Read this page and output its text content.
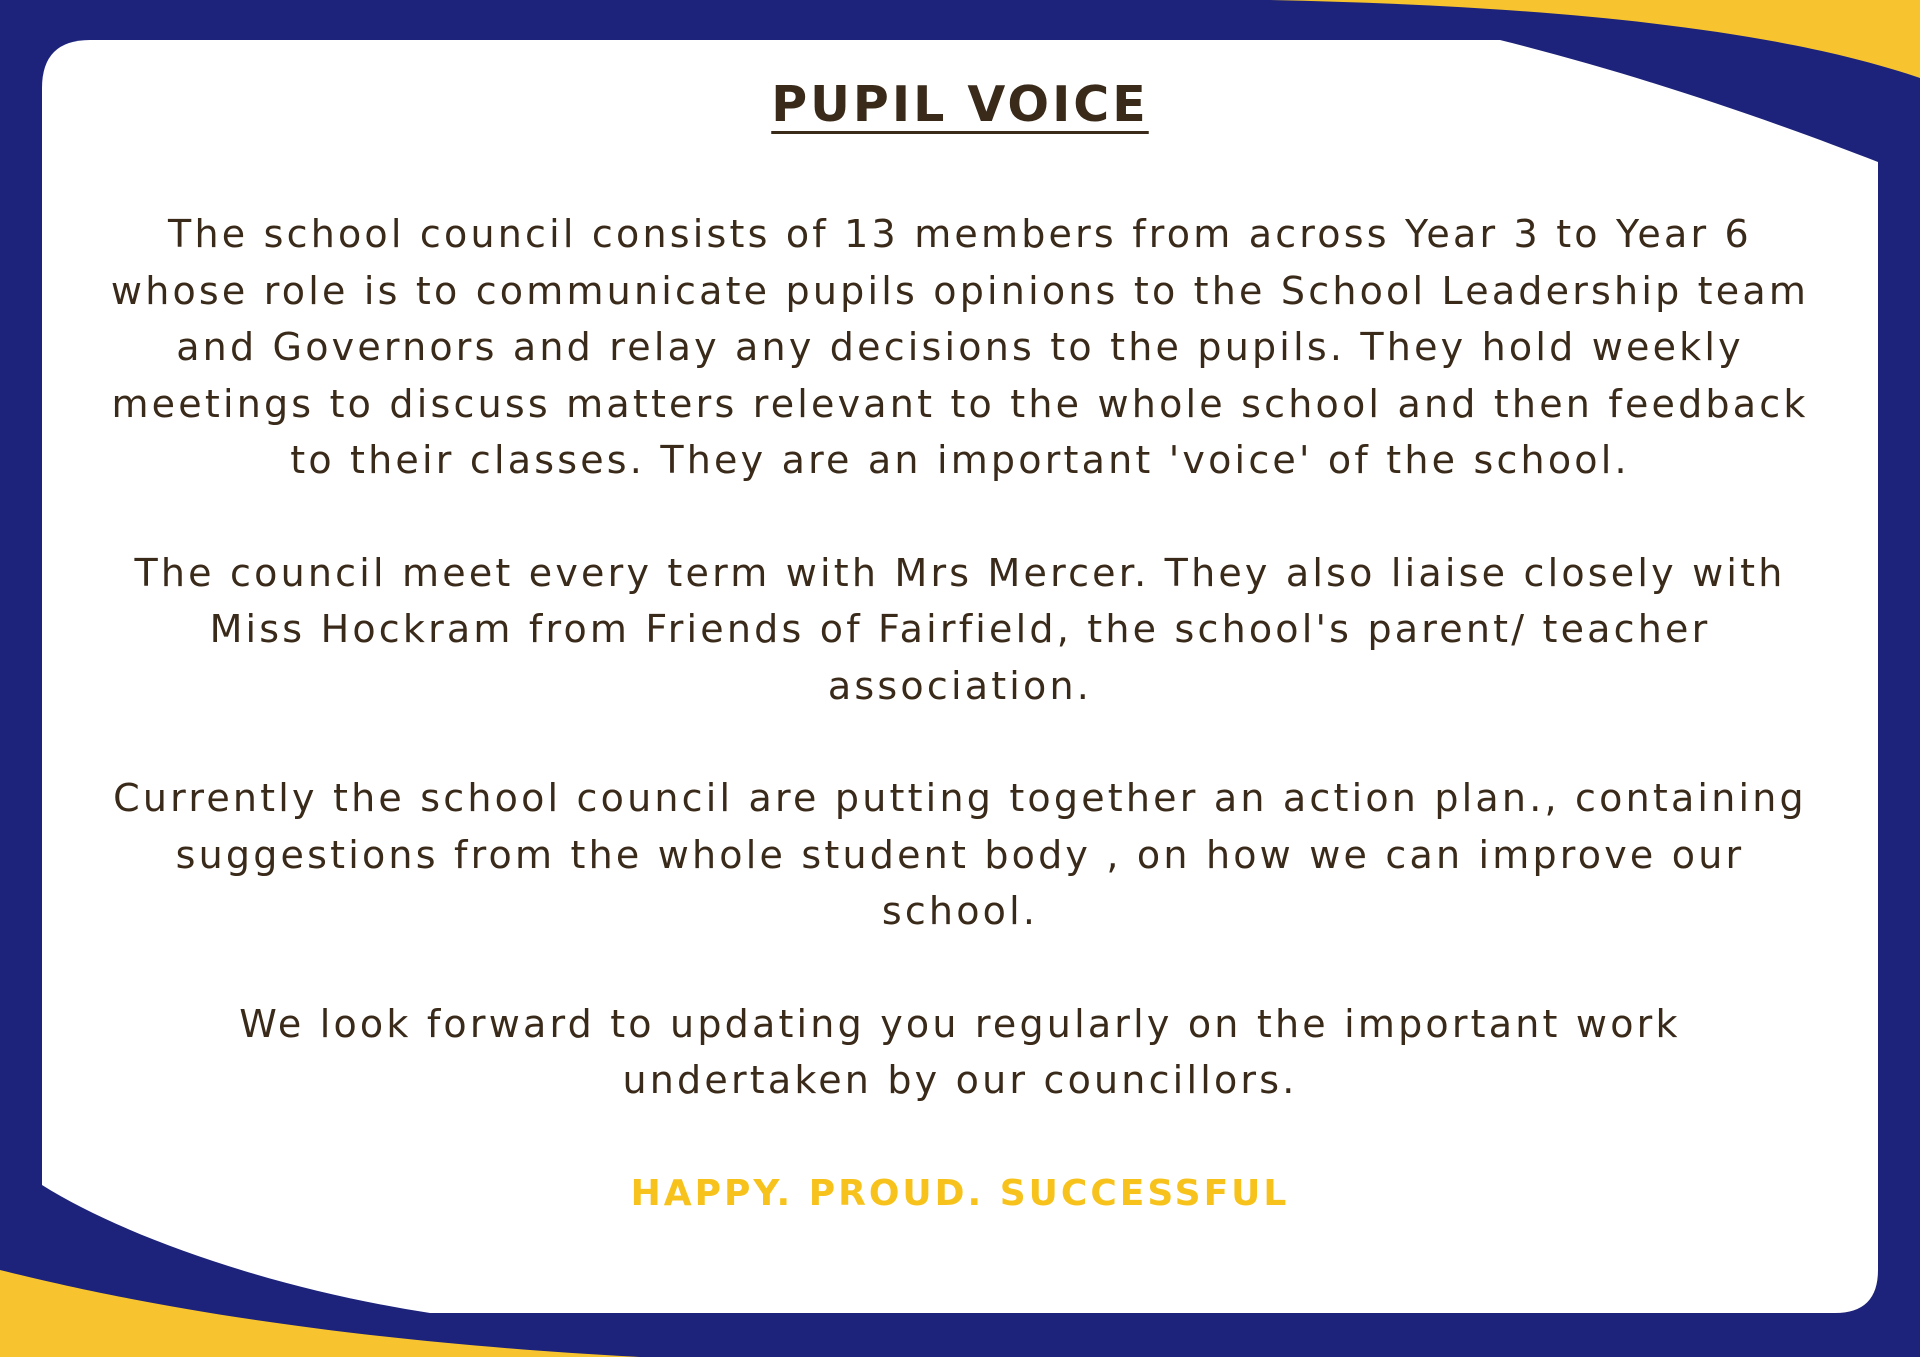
PUPIL VOICE

The school council consists of 13 members from across Year 3 to Year 6 whose role is to communicate pupils opinions to the School Leadership team and Governors and relay any decisions to the pupils. They hold weekly meetings to discuss matters relevant to the whole school and then feedback to their classes. They are an important 'voice' of the school.

The council meet every term with Mrs Mercer. They also liaise closely with Miss Hockram from Friends of Fairfield, the school's parent/ teacher association.

Currently the school council are putting together an action plan., containing suggestions from the whole student body , on how we can improve our school.

We look forward to updating you regularly on the important work undertaken by our councillors.

HAPPY. PROUD. SUCCESSFUL
